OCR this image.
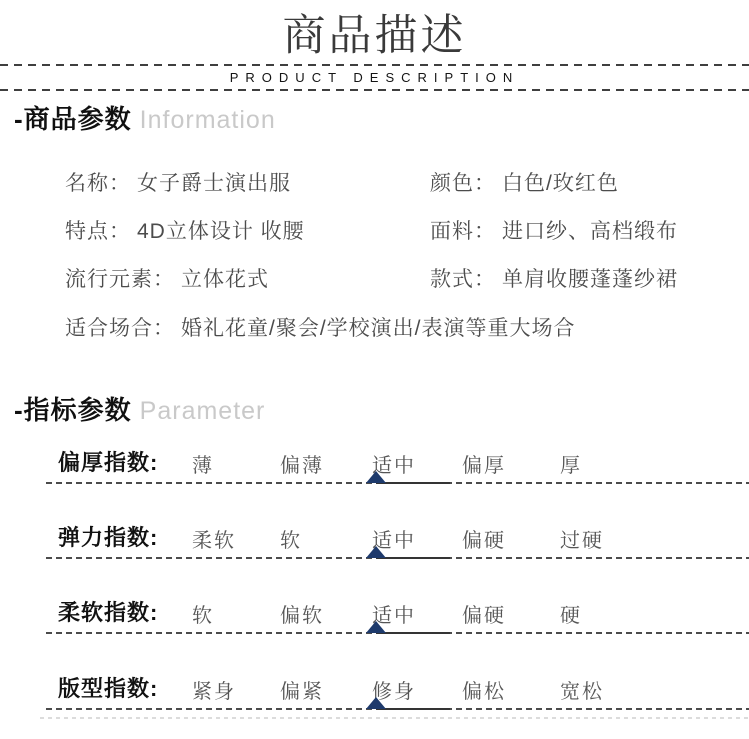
商品描述
PRODUCT DESCRIPTION
-商品参数 Information
名称： 女子爵士演出服	颜色： 白色/玫红色
特点： 4D立体设计 收腰	面料： 进口纱、高档缎布
流行元素： 立体花式	款式： 单肩收腰蓬蓬纱裙
适合场合： 婚礼花童/聚会/学校演出/表演等重大场合
-指标参数 Parameter
偏厚指数: 薄	偏薄 适中 偏厚	厚
弹力指数: 柔软 软	适中 偏硬	过硬
柔软指数: 软	偏软 适中 偏硬	硬
版型指数: 紧身 偏紧 修身 偏松	宽松
